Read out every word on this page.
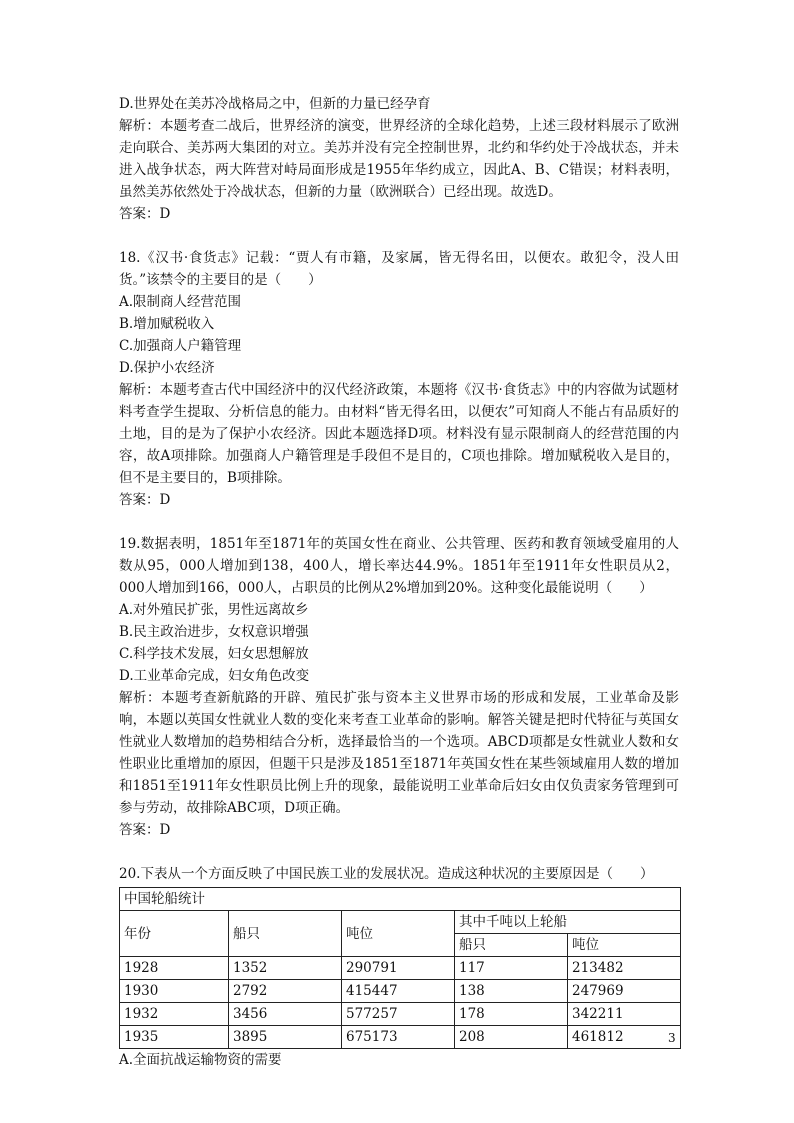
D.世界处在美苏冷战格局之中，但新的力量已经孕育

解析：本题考查二战后，世界经济的演变，世界经济的全球化趋势，上述三段材料展示了欧洲走向联合、美苏两大集团的对立。美苏并没有完全控制世界，北约和华约处于冷战状态，并未进入战争状态，两大阵营对峙局面形成是1955年华约成立，因此A、B、C错误；材料表明，虽然美苏依然处于冷战状态，但新的力量（欧洲联合）已经出现。故选D。

答案：D

18.《汉书·食货志》记载：“贾人有市籍，及家属，皆无得名田，以便农。敢犯令，没人田货。”该禁令的主要目的是（　　）

A.限制商人经营范围

B.增加赋税收入

C.加强商人户籍管理

D.保护小农经济

解析：本题考查古代中国经济中的汉代经济政策，本题将《汉书·食货志》中的内容做为试题材料考查学生提取、分析信息的能力。由材料“皆无得名田，以便农”可知商人不能占有品质好的土地，目的是为了保护小农经济。因此本题选择D项。材料没有显示限制商人的经营范围的内容，故A项排除。加强商人户籍管理是手段但不是目的，C项也排除。增加赋税收入是目的，但不是主要目的，B项排除。

答案：D

19.数据表明，1851年至1871年的英国女性在商业、公共管理、医药和教育领域受雇用的人数从95，000人增加到138，400人，增长率达44.9%。1851年至1911年女性职员从2，000人增加到166，000人，占职员的比例从2%增加到20%。这种变化最能说明（　　）

A.对外殖民扩张，男性远离故乡

B.民主政治进步，女权意识增强

C.科学技术发展，妇女思想解放

D.工业革命完成，妇女角色改变

解析：本题考查新航路的开辟、殖民扩张与资本主义世界市场的形成和发展，工业革命及影响，本题以英国女性就业人数的变化来考查工业革命的影响。解答关键是把时代特征与英国女性就业人数增加的趋势相结合分析，选择最恰当的一个选项。ABCD项都是女性就业人数和女性职业比重增加的原因，但题干只是涉及1851至1871年英国女性在某些领域雇用人数的增加和1851至1911年女性职员比例上升的现象，最能说明工业革命后妇女由仅负责家务管理到可参与劳动，故排除ABC项，D项正确。

答案：D

20.下表从一个方面反映了中国民族工业的发展状况。造成这种状况的主要原因是（　　）

中国轮船统计				
年份	船只	吨位	其中千吨以上轮船	
			船只	吨位
1928	1352	290791	117	213482
1930	2792	415447	138	247969
1932	3456	577257	178	342211
1935	3895	675173	208	461812

A.全面抗战运输物资的需要

3
